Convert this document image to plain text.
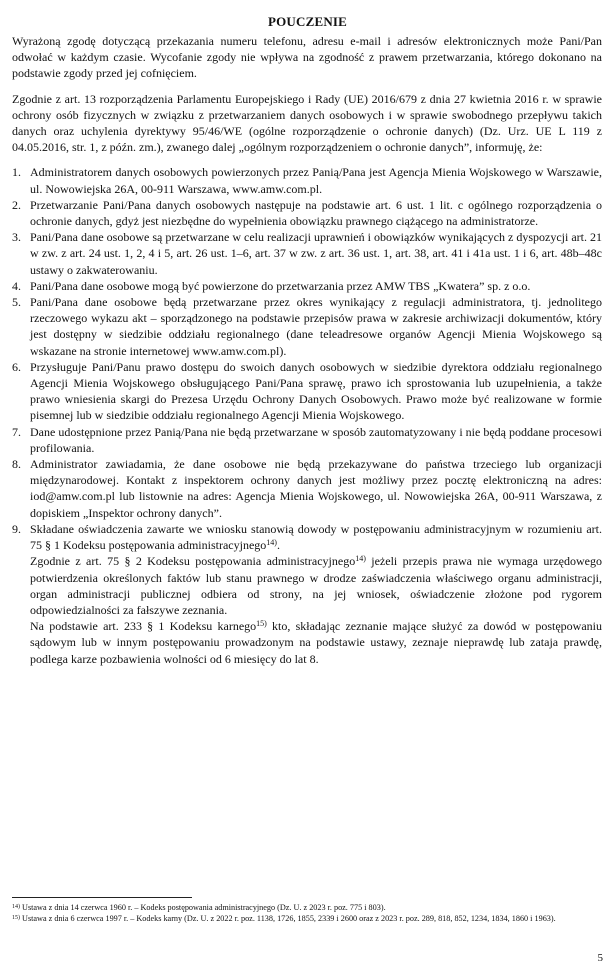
POUCZENIE

Wyrażoną zgodę dotyczącą przekazania numeru telefonu, adresu e-mail i adresów elektronicznych może Pani/Pan odwołać w każdym czasie. Wycofanie zgody nie wpływa na zgodność z prawem przetwarzania, którego dokonano na podstawie zgody przed jej cofnięciem.

Zgodnie z art. 13 rozporządzenia Parlamentu Europejskiego i Rady (UE) 2016/679 z dnia 27 kwietnia 2016 r. w sprawie ochrony osób fizycznych w związku z przetwarzaniem danych osobowych i w sprawie swobodnego przepływu takich danych oraz uchylenia dyrektywy 95/46/WE (ogólne rozporządzenie o ochronie danych) (Dz. Urz. UE L 119 z 04.05.2016, str. 1, z późn. zm.), zwanego dalej „ogólnym rozporządzeniem o ochronie danych”, informuję, że:

1. Administratorem danych osobowych powierzonych przez Panią/Pana jest Agencja Mienia Wojskowego w Warszawie, ul. Nowowiejska 26A, 00-911 Warszawa, www.amw.com.pl.
2. Przetwarzanie Pani/Pana danych osobowych następuje na podstawie art. 6 ust. 1 lit. c ogólnego rozporządzenia o ochronie danych, gdyż jest niezbędne do wypełnienia obowiązku prawnego ciążącego na administratorze.
3. Pani/Pana dane osobowe są przetwarzane w celu realizacji uprawnień i obowiązków wynikających z dyspozycji art. 21 w zw. z art. 24 ust. 1, 2, 4 i 5, art. 26 ust. 1–6, art. 37 w zw. z art. 36 ust. 1, art. 38, art. 41 i 41a ust. 1 i 6, art. 48b–48c ustawy o zakwaterowaniu.
4. Pani/Pana dane osobowe mogą być powierzone do przetwarzania przez AMW TBS „Kwatera” sp. z o.o.
5. Pani/Pana dane osobowe będą przetwarzane przez okres wynikający z regulacji administratora, tj. jednolitego rzeczowego wykazu akt – sporządzonego na podstawie przepisów prawa w zakresie archiwizacji dokumentów, który jest dostępny w siedzibie oddziału regionalnego (dane teleadresowe organów Agencji Mienia Wojskowego są wskazane na stronie internetowej www.amw.com.pl).
6. Przysługuje Pani/Panu prawo dostępu do swoich danych osobowych w siedzibie dyrektora oddziału regionalnego Agencji Mienia Wojskowego obsługującego Pani/Pana sprawę, prawo ich sprostowania lub uzupełnienia, a także prawo wniesienia skargi do Prezesa Urzędu Ochrony Danych Osobowych. Prawo może być realizowane w formie pisemnej lub w siedzibie oddziału regionalnego Agencji Mienia Wojskowego.
7. Dane udostępnione przez Panią/Pana nie będą przetwarzane w sposób zautomatyzowany i nie będą poddane procesowi profilowania.
8. Administrator zawiadamia, że dane osobowe nie będą przekazywane do państwa trzeciego lub organizacji międzynarodowej. Kontakt z inspektorem ochrony danych jest możliwy przez pocztę elektroniczną na adres: iod@amw.com.pl lub listownie na adres: Agencja Mienia Wojskowego, ul. Nowowiejska 26A, 00-911 Warszawa, z dopiskiem „Inspektor ochrony danych”.
9. Składane oświadczenia zawarte we wniosku stanowią dowody w postępowaniu administracyjnym w rozumieniu art. 75 § 1 Kodeksu postępowania administracyjnego$^{14)}$.
Zgodnie z art. 75 § 2 Kodeksu postępowania administracyjnego$^{14)}$ jeżeli przepis prawa nie wymaga urzędowego potwierdzenia określonych faktów lub stanu prawnego w drodze zaświadczenia właściwego organu administracji, organ administracji publicznej odbiera od strony, na jej wniosek, oświadczenie złożone pod rygorem odpowiedzialności za fałszywe zeznania.
Na podstawie art. 233 § 1 Kodeksu karnego$^{15)}$ kto, składając zeznanie mające służyć za dowód w postępowaniu sądowym lub w innym postępowaniu prowadzonym na podstawie ustawy, zeznaje nieprawdę lub zataja prawdę, podlega karze pozbawienia wolności od 6 miesięcy do lat 8.
$^{14)}$ Ustawa z dnia 14 czerwca 1960 r. – Kodeks postępowania administracyjnego (Dz. U. z 2023 r. poz. 775 i 803).
$^{15)}$ Ustawa z dnia 6 czerwca 1997 r. – Kodeks karny (Dz. U. z 2022 r. poz. 1138, 1726, 1855, 2339 i 2600 oraz z 2023 r. poz. 289, 818, 852, 1234, 1834, 1860 i 1963).
5
